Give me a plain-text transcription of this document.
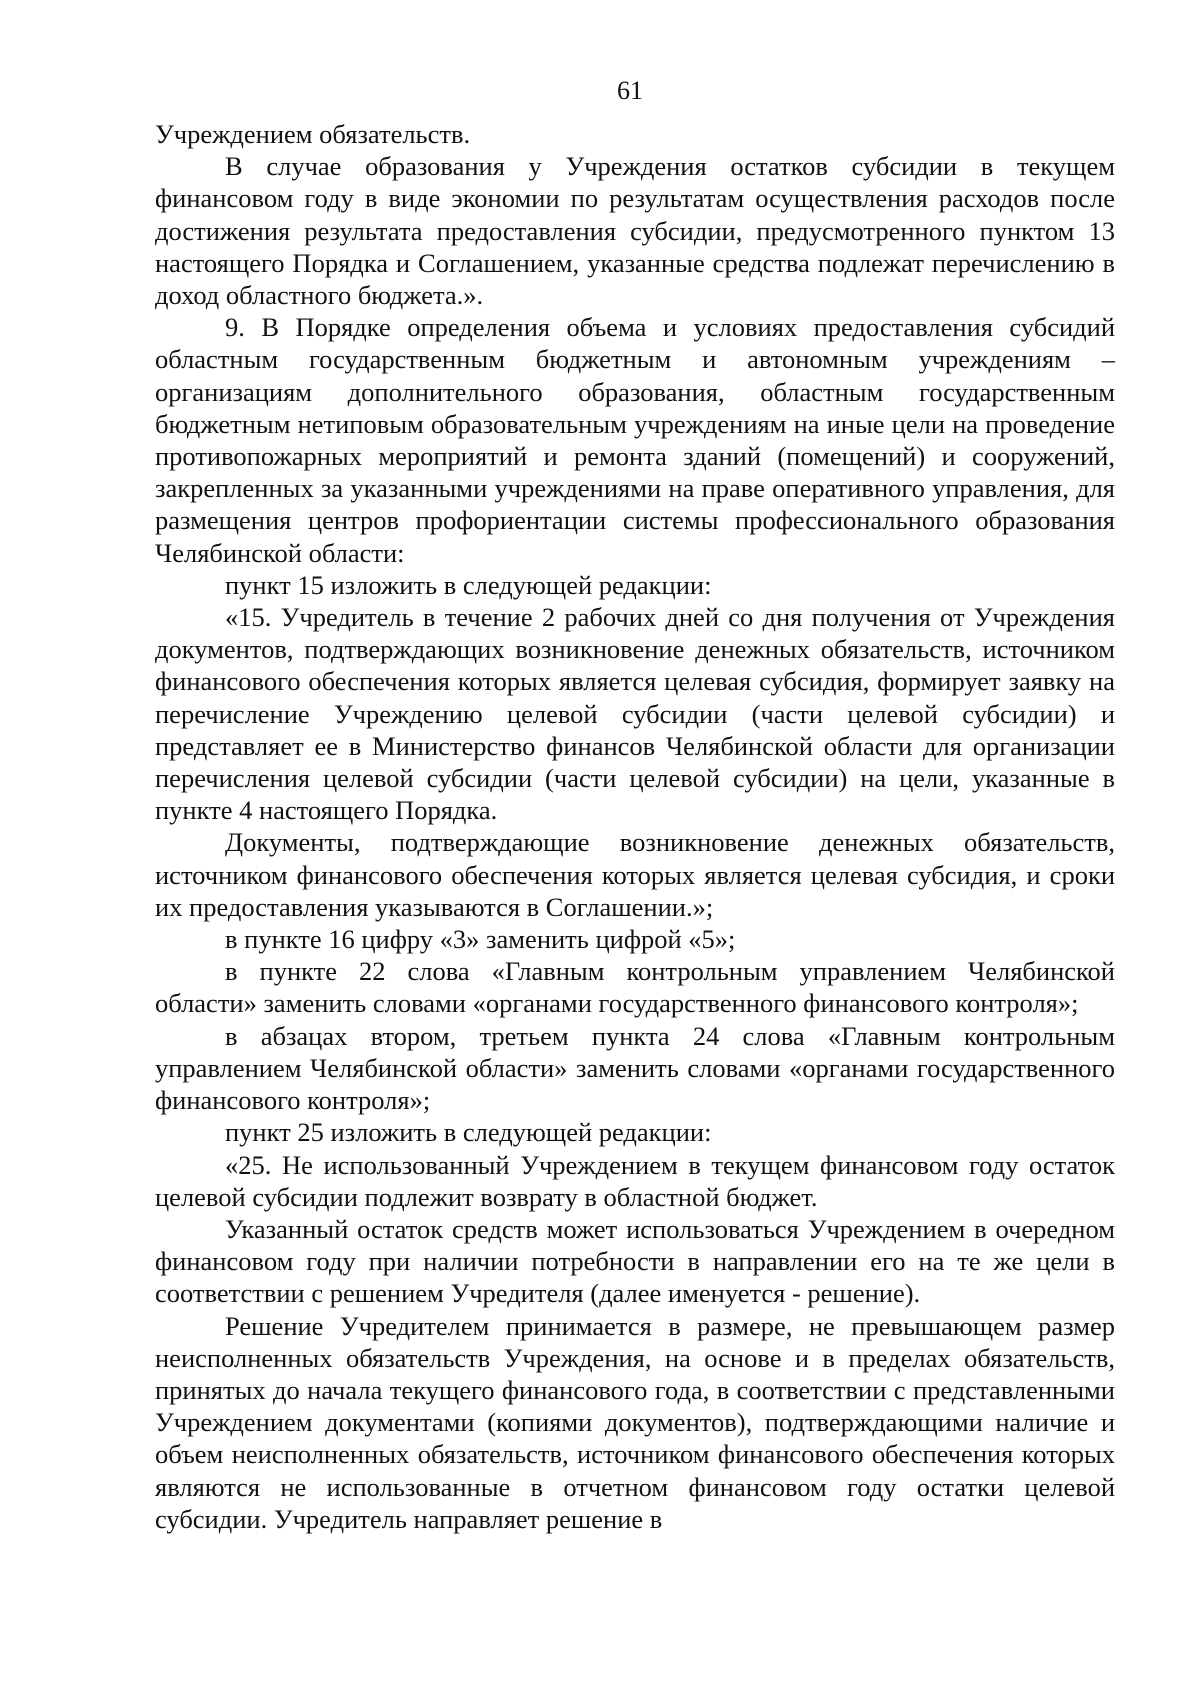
61

Учреждением обязательств.

В случае образования у Учреждения остатков субсидии в текущем финансовом году в виде экономии по результатам осуществления расходов после достижения результата предоставления субсидии, предусмотренного пунктом 13 настоящего Порядка и Соглашением, указанные средства подлежат перечислению в доход областного бюджета.».

9. В Порядке определения объема и условиях предоставления субсидий областным государственным бюджетным и автономным учреждениям – организациям дополнительного образования, областным государственным бюджетным нетиповым образовательным учреждениям на иные цели на проведение противопожарных мероприятий и ремонта зданий (помещений) и сооружений, закрепленных за указанными учреждениями на праве оперативного управления, для размещения центров профориентации системы профессионального образования Челябинской области:

пункт 15 изложить в следующей редакции:

«15. Учредитель в течение 2 рабочих дней со дня получения от Учреждения документов, подтверждающих возникновение денежных обязательств, источником финансового обеспечения которых является целевая субсидия, формирует заявку на перечисление Учреждению целевой субсидии (части целевой субсидии) и представляет ее в Министерство финансов Челябинской области для организации перечисления целевой субсидии (части целевой субсидии) на цели, указанные в пункте 4 настоящего Порядка.

Документы, подтверждающие возникновение денежных обязательств, источником финансового обеспечения которых является целевая субсидия, и сроки их предоставления указываются в Соглашении.»;

в пункте 16 цифру «3» заменить цифрой «5»;

в пункте 22 слова «Главным контрольным управлением Челябинской области» заменить словами «органами государственного финансового контроля»;

в абзацах втором, третьем пункта 24 слова «Главным контрольным управлением Челябинской области» заменить словами «органами государственного финансового контроля»;

пункт 25 изложить в следующей редакции:

«25. Не использованный Учреждением в текущем финансовом году остаток целевой субсидии подлежит возврату в областной бюджет.

Указанный остаток средств может использоваться Учреждением в очередном финансовом году при наличии потребности в направлении его на те же цели в соответствии с решением Учредителя (далее именуется - решение).

Решение Учредителем принимается в размере, не превышающем размер неисполненных обязательств Учреждения, на основе и в пределах обязательств, принятых до начала текущего финансового года, в соответствии с представленными Учреждением документами (копиями документов), подтверждающими наличие и объем неисполненных обязательств, источником финансового обеспечения которых являются не использованные в отчетном финансовом году остатки целевой субсидии. Учредитель направляет решение в
